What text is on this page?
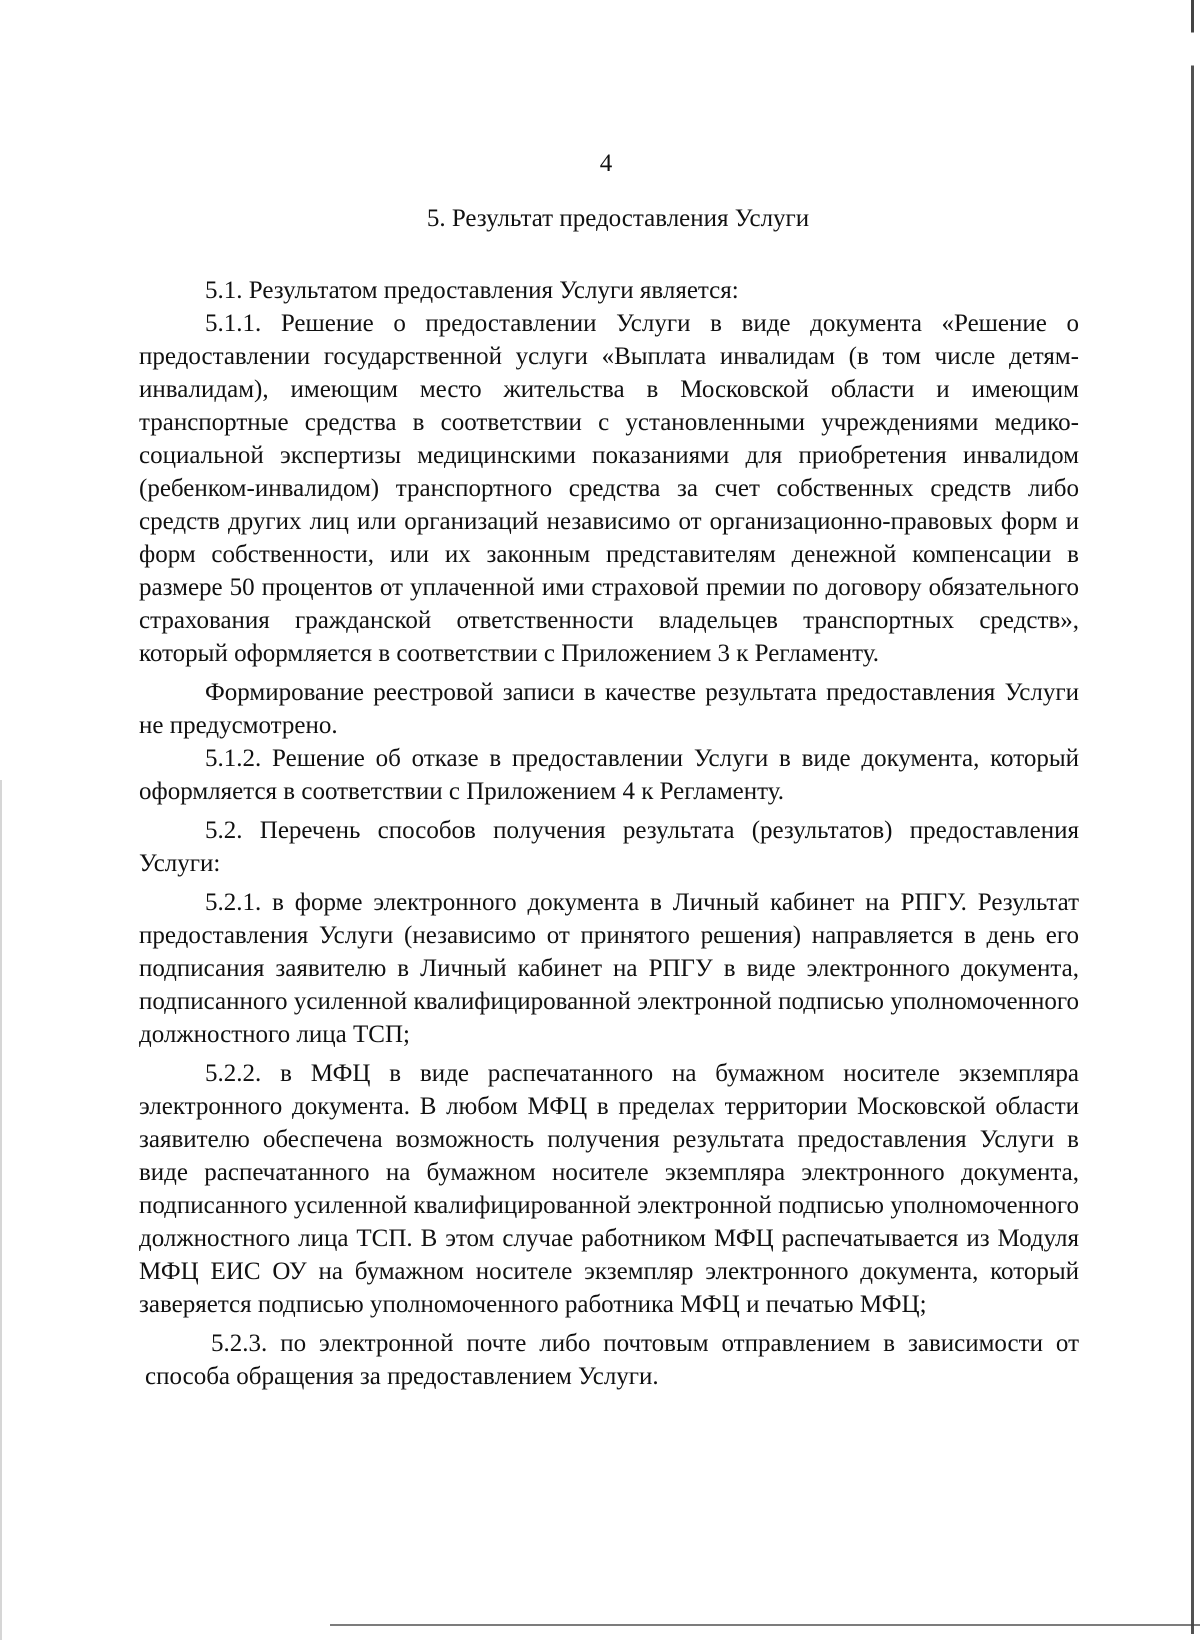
4
5. Результат предоставления Услуги

5.1. Результатом предоставления Услуги является:

5.1.1. Решение о предоставлении Услуги в виде документа «Решение о предоставлении государственной услуги «Выплата инвалидам (в том числе детям-инвалидам), имеющим место жительства в Московской области и имеющим транспортные средства в соответствии с установленными учреждениями медико-социальной экспертизы медицинскими показаниями для приобретения инвалидом (ребенком-инвалидом) транспортного средства за счет собственных средств либо средств других лиц или организаций независимо от организационно-правовых форм и форм собственности, или их законным представителям денежной компенсации в размере 50 процентов от уплаченной ими страховой премии по договору обязательного страхования гражданской ответственности владельцев транспортных средств», который оформляется в соответствии с Приложением 3 к Регламенту.

Формирование реестровой записи в качестве результата предоставления Услуги не предусмотрено.

5.1.2. Решение об отказе в предоставлении Услуги в виде документа, который оформляется в соответствии с Приложением 4 к Регламенту.

5.2. Перечень способов получения результата (результатов) предоставления Услуги:

5.2.1. в форме электронного документа в Личный кабинет на РПГУ. Результат предоставления Услуги (независимо от принятого решения) направляется в день его подписания заявителю в Личный кабинет на РПГУ в виде электронного документа, подписанного усиленной квалифицированной электронной подписью уполномоченного должностного лица ТСП;

5.2.2. в МФЦ в виде распечатанного на бумажном носителе экземпляра электронного документа. В любом МФЦ в пределах территории Московской области заявителю обеспечена возможность получения результата предоставления Услуги в виде распечатанного на бумажном носителе экземпляра электронного документа, подписанного усиленной квалифицированной электронной подписью уполномоченного должностного лица ТСП. В этом случае работником МФЦ распечатывается из Модуля МФЦ ЕИС ОУ на бумажном носителе экземпляр электронного документа, который заверяется подписью уполномоченного работника МФЦ и печатью МФЦ;

5.2.3. по электронной почте либо почтовым отправлением в зависимости от способа обращения за предоставлением Услуги.
